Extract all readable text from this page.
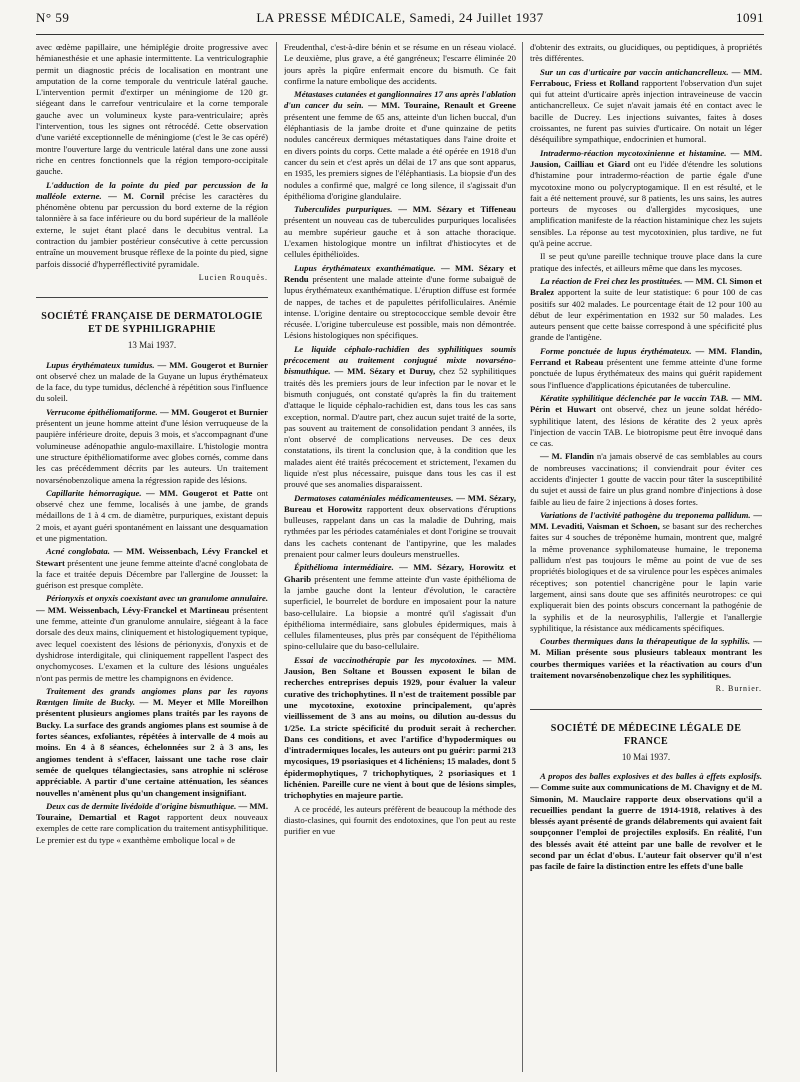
N° 59	LA PRESSE MÉDICALE, Samedi, 24 Juillet 1937	1091

avec œdème papillaire, une hémiplégie droite progressive avec hémianesthésie et une aphasie intermittente. La ventriculographie permit un diagnostic précis de localisation en montrant une amputation de la corne temporale du ventricule latéral gauche. L'intervention permit d'extirper un méningiome de 120 gr. siégeant dans le carrefour ventriculaire et la corne temporale gauche avec un volumineux kyste para-ventriculaire; après l'intervention, tous les signes ont rétrocédé. Cette observation d'une variété exceptionnelle de méningiome (c'est le 3e cas opéré) montre l'ouverture large du ventricule latéral dans une zone aussi riche en centres fonctionnels que la région temporo-occipitale gauche.

L'adduction de la pointe du pied par percussion de la malléole externe. — M. Cornil précise les caractères du phénomène obtenu par percussion du bord externe de la région talonnière à sa face inférieure ou du bord supérieur de la malléole externe, le sujet étant placé dans le decubitus ventral. La contraction du jambier postérieur consécutive à cette percussion entraîne un mouvement brusque réflexe de la pointe du pied, signe parfois dissocié d'hyperréflectivité pyramidale.

Lucien Rouquès.
SOCIÉTÉ FRANÇAISE DE DERMATOLOGIE ET DE SYPHILIGRAPHIE
13 Mai 1937.

Lupus érythémateux tumidus. — MM. Gougerot et Burnier ont observé chez un malade de la Guyane un lupus érythémateux de la face, du type tumidus, déclenché à répétition sous l'influence du soleil.

Verrucome épithéliomatiforme. — MM. Gougerot et Burnier présentent un jeune homme atteint d'une lésion verruqueuse de la paupière inférieure droite, depuis 3 mois, et s'accompagnant d'une volumineuse adénopathie angulo-maxillaire. L'histologie montra une structure épithéliomatiforme avec globes cornés, comme dans les cas précédemment décrits par les auteurs. Un traitement novarsénobenzolique amena la régression rapide des lésions.

Capillarite hémorragique. — MM. Gougerot et Patte ont observé chez une femme, localisés à une jambe, de grands médaillons de 1 à 4 cm. de diamètre, purpuriques, existant depuis 2 mois, et ayant guéri spontanément en laissant une desquamation et une pigmentation.

Acné conglobata. — MM. Weissenbach, Lévy Franckel et Stewart présentent une jeune femme atteinte d'acné conglobata de la face et traitée depuis Décembre par l'allergine de Jousset: la guérison est presque complète.

Périonyxis et onyxis coexistant avec un granulome annulaire. — MM. Weissenbach, Lévy-Franckel et Martineau présentent une femme, atteinte d'un granulome annulaire, siégeant à la face dorsale des deux mains, cliniquement et histologiquement typique, avec lequel coexistent des lésions de périonyxis, d'onyxis et de dyshidrose interdigitale, qui cliniquement rappellent l'aspect des onychomycoses. L'examen et la culture des lésions unguéales n'ont pas permis de mettre les champignons en évidence.

Traitement des grands angiomes plans par les rayons Rœntgen limite de Bucky. — M. Meyer et Mlle Moreilhon présentent plusieurs angiomes plans traités par les rayons de Bucky. La surface des grands angiomes plans est soumise à de fortes séances, exfoliantes, répétées à intervalle de 4 mois au moins. En 4 à 8 séances, échelonnées sur 2 à 3 ans, les angiomes tendent à s'effacer, laissant une tache rose clair semée de quelques télangiectasies, sans atrophie ni sclérose appréciable. A partir d'une certaine atténuation, les séances nouvelles n'amènent plus qu'un changement insignifiant.

Deux cas de dermite livédoïde d'origine bismuthique. — MM. Touraine, Demartial et Ragot rapportent deux nouveaux exemples de cette rare complication du traitement antisyphilitique. Le premier est du type « exanthème embolique local » de

Freudenthal, c'est-à-dire bénin et se résume en un réseau violacé. Le deuxième, plus grave, a été gangréneux; l'escarre éliminée 20 jours après la piqûre enfermait encore du bismuth. Ce fait confirme la nature embolique des accidents.

Métastases cutanées et ganglionnaires 17 ans après l'ablation d'un cancer du sein. — MM. Touraine, Renault et Greene présentent une femme de 65 ans, atteinte d'un lichen buccal, d'un éléphantiasis de la jambe droite et d'une quinzaine de petits nodules cancéreux dermiques métastatiques dans l'aine droite et en divers points du corps. Cette malade a été opérée en 1918 d'un cancer du sein et c'est après un délai de 17 ans que sont apparus, en 1935, les premiers signes de l'éléphantiasis. La biopsie d'un des nodules a confirmé que, malgré ce long silence, il s'agissait d'un épithélioma d'origine glandulaire.

Tuberculides purpuriques. — MM. Sézary et Tiffeneau présentent un nouveau cas de tuberculides purpuriques localisées au membre supérieur gauche et à son attache thoracique. L'examen histologique montre un infiltrat d'histiocytes et de cellules épithélioïdes.

Lupus érythémateux exanthématique. — MM. Sézary et Rendu présentent une malade atteinte d'une forme subaiguë de lupus érythémateux exanthématique. L'éruption diffuse est formée de nappes, de taches et de papulettes périfolliculaires. Anémie intense. L'origine dentaire ou streptococcique semble devoir être récusée. L'origine tuberculeuse est possible, mais non démontrée. Lésions histologiques non spécifiques.

Le liquide céphalo-rachidien des syphilitiques soumis précocement au traitement conjugué mixte novarséno-bismuthique. — MM. Sézary et Duruy, chez 52 syphilitiques traités dès les premiers jours de leur infection par le novar et le bismuth conjugués, ont constaté qu'après la fin du traitement d'attaque le liquide céphalo-rachidien est, dans tous les cas sans exception, normal. D'autre part, chez aucun sujet traité de la sorte, pas souvent au traitement de consolidation pendant 3 années, ils n'ont observé de complications nerveuses. De ces deux constatations, ils tirent la conclusion que, à la condition que les malades aient été traités précocement et strictement, l'examen du liquide n'est plus nécessaire, puisque dans tous les cas il est prouvé que ses anomalies disparaissent.

Dermatoses cataméniales médicamenteuses. — MM. Sézary, Bureau et Horowitz rapportent deux observations d'éruptions bulleuses, rappelant dans un cas la maladie de Duhring, mais rythmées par les périodes cataméniales et dont l'origine se trouvait dans les cachets contenant de l'antipyrine, que les malades prenaient pour calmer leurs douleurs menstruelles.

Épithélioma intermédiaire. — MM. Sézary, Horowitz et Gharib présentent une femme atteinte d'un vaste épithélioma de la jambe gauche dont la lenteur d'évolution, le caractère superficiel, le bourrelet de bordure en imposaient pour la nature baso-cellulaire. La biopsie a montré qu'il s'agissait d'un épithélioma intermédiaire, sans globules épidermiques, mais à cellules filamenteuses, plus près par conséquent de l'épithélioma spino-cellulaire que du baso-cellulaire.

Essai de vaccinothérapie par les mycotoxines. — MM. Jausion, Ben Soltane et Boussen exposent le bilan de recherches entreprises depuis 1929, pour évaluer la valeur curative des trichophytines. Il n'est de traitement possible par une mycotoxine, exotoxine principalement, qu'après vieillissement de 3 ans au moins, ou dilution au-dessus du 1/25e. La stricte spécificité du produit serait à rechercher. Dans ces conditions, et avec l'artifice d'hypodermiques ou d'intradermiques locales, les auteurs ont pu guérir: parmi 213 mycosiques, 19 psoriasiques et 4 lichéniens; 15 malades, dont 5 épidermophytiques, 7 trichophytiques, 2 psoriasiques et 1 lichénien. Pareille cure ne vient à bout que de lésions simples, trichophyties en majeure partie.

A ce procédé, les auteurs préfèrent de beaucoup la méthode des diasto-clasines, qui fournit des endotoxines, que l'on peut au reste purifier en vue

d'obtenir des extraits, ou glucidiques, ou peptidiques, à propriétés très différentes.

Sur un cas d'urticaire par vaccin antichancrelleux. — MM. Ferrabouc, Friess et Rolland rapportent l'observation d'un sujet qui fut atteint d'urticaire après injection intraveineuse de vaccin antichancrelleux. Ce sujet n'avait jamais été en contact avec le bacille de Ducrey. Les injections suivantes, faites à doses croissantes, ne furent pas suivies d'urticaire. On notait un léger déséquilibre sympathique, endocrinien et humoral.

Intradermo-réaction mycotoxinienne et histamine. — MM. Jausion, Cailliau et Giard ont eu l'idée d'étendre les solutions d'histamine pour intradermo-réaction de partie égale d'une mycotoxine mono ou polycryptogamique. Il en est résulté, et le fait a été nettement prouvé, sur 8 patients, les uns sains, les autres porteurs de mycoses ou d'allergides mycosiques, une amplification manifeste de la réaction histaminique chez les sujets sensibles. La réponse au test mycotoxinien, plus tardive, ne fut qu'à peine accrue.

Il se peut qu'une pareille technique trouve place dans la cure pratique des infectés, et ailleurs même que dans les mycoses.

La réaction de Frei chez les prostituées. — MM. Cl. Simon et Bralez apportent la suite de leur statistique: 6 pour 100 de cas positifs sur 402 malades. Le pourcentage était de 12 pour 100 au début de leur expérimentation en 1932 sur 50 malades. Les auteurs pensent que cette baisse correspond à une spécificité plus grande de l'antigène.

Forme ponctuée de lupus érythémateux. — MM. Flandin, Ferrand et Rabeau présentent une femme atteinte d'une forme ponctuée de lupus érythémateux des mains qui guérit rapidement sous l'influence d'applications épicutanées de tuberculine.

Kératite syphilitique déclenchée par le vaccin TAB. — MM. Périn et Huwart ont observé, chez un jeune soldat hérédo-syphilitique latent, des lésions de kératite des 2 yeux après l'injection de vaccin TAB. Le biotropisme peut être invoqué dans ce cas.

— M. Flandin n'a jamais observé de cas semblables au cours de nombreuses vaccinations; il conviendrait pour éviter ces accidents d'injecter 1 goutte de vaccin pour tâter la susceptibilité du sujet et aussi de faire un plus grand nombre d'injections à dose faible au lieu de faire 2 injections à doses fortes.

Variations de l'activité pathogène du treponema pallidum. — MM. Levaditi, Vaisman et Schoen, se basant sur des recherches faites sur 4 souches de tréponème humain, montrent que, malgré la même provenance syphilomateuse humaine, le treponema pallidum n'est pas toujours le même au point de vue de ses propriétés biologiques et de sa virulence pour les espèces animales réceptives; son potentiel chancrigène pour le lapin varie largement, ainsi sans doute que ses affinités neurotropes: ce qui expliquerait bien des points obscurs concernant la pathogénie de la syphilis et de la neurosyphilis, l'allergie et l'anallergie syphilitique, la résistance aux médicaments spécifiques.

Courbes thermiques dans la thérapeutique de la syphilis. — M. Milian présente sous plusieurs tableaux montrant les courbes thermiques variées et la réactivation au cours d'un traitement novarsénobenzolique chez les syphilitiques.

R. Burnier.
SOCIÉTÉ DE MÉDECINE LÉGALE DE FRANCE
10 Mai 1937.

A propos des balles explosives et des balles à effets explosifs. — Comme suite aux communications de M. Chavigny et de M. Simonin, M. Mauclaire rapporte deux observations qu'il a recueillies pendant la guerre de 1914-1918, relatives à des blessés ayant présenté de grands délabrements qui avaient fait soupçonner l'emploi de projectiles explosifs. En réalité, l'un des blessés avait été atteint par une balle de revolver et le second par un éclat d'obus. L'auteur fait observer qu'il n'est pas facile de faire la distinction entre les effets d'une balle
